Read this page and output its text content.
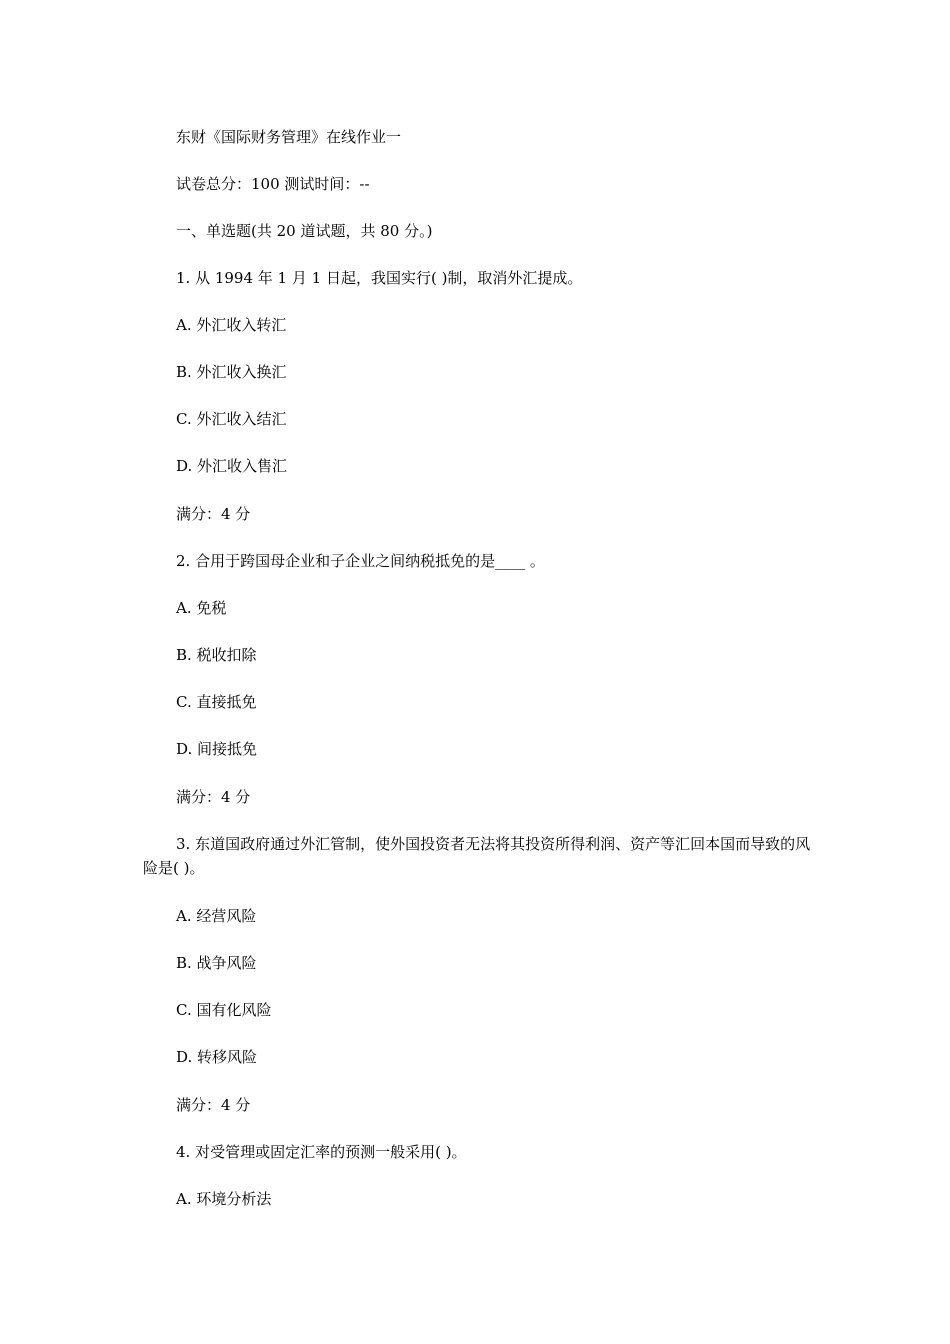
东财《国际财务管理》在线作业一
试卷总分：100 测试时间：--
一、单选题(共 20 道试题，共 80 分。)
1. 从 1994 年 1 月 1 日起，我国实行( )制，取消外汇提成。
A. 外汇收入转汇
B. 外汇收入换汇
C. 外汇收入结汇
D. 外汇收入售汇
满分：4 分
2. 合用于跨国母企业和子企业之间纳税抵免的是____ 。
A. 免税
B. 税收扣除
C. 直接抵免
D. 间接抵免
满分：4 分
3. 东道国政府通过外汇管制，使外国投资者无法将其投资所得利润、资产等汇回本国而导致的风险是( )。
A. 经营风险
B. 战争风险
C. 国有化风险
D. 转移风险
满分：4 分
4. 对受管理或固定汇率的预测一般采用( )。
A. 环境分析法
